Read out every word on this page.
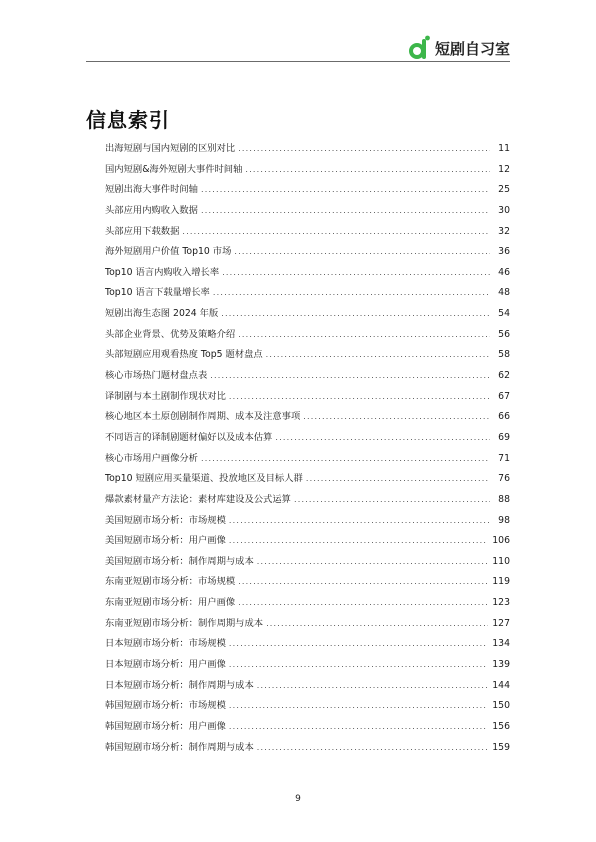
短剧自习室
信息索引
出海短剧与国内短剧的区别对比 .....	11
国内短剧&海外短剧大事件时间轴 .....	12
短剧出海大事件时间轴 .....	25
头部应用内购收入数据 .....	30
头部应用下载数据 .....	32
海外短剧用户价值 Top10 市场 .....	36
Top10 语言内购收入增长率 .....	46
Top10 语言下载量增长率 .....	48
短剧出海生态图 2024 年版 .....	54
头部企业背景、优势及策略介绍 .....	56
头部短剧应用观看热度 Top5 题材盘点 .....	58
核心市场热门题材盘点表 .....	62
译制剧与本土剧制作现状对比 .....	67
核心地区本土原创剧制作周期、成本及注意事项 .....	66
不同语言的译制剧题材偏好以及成本估算 .....	69
核心市场用户画像分析 .....	71
Top10 短剧应用买量渠道、投放地区及目标人群 .....	76
爆款素材量产方法论：素材库建设及公式运算 .....	88
美国短剧市场分析：市场规模 .....	98
美国短剧市场分析：用户画像 .....	106
美国短剧市场分析：制作周期与成本 .....	110
东南亚短剧市场分析：市场规模 .....	119
东南亚短剧市场分析：用户画像 .....	123
东南亚短剧市场分析：制作周期与成本 .....	127
日本短剧市场分析：市场规模 .....	134
日本短剧市场分析：用户画像 .....	139
日本短剧市场分析：制作周期与成本 .....	144
韩国短剧市场分析：市场规模 .....	150
韩国短剧市场分析：用户画像 .....	156
韩国短剧市场分析：制作周期与成本 .....	159
9
